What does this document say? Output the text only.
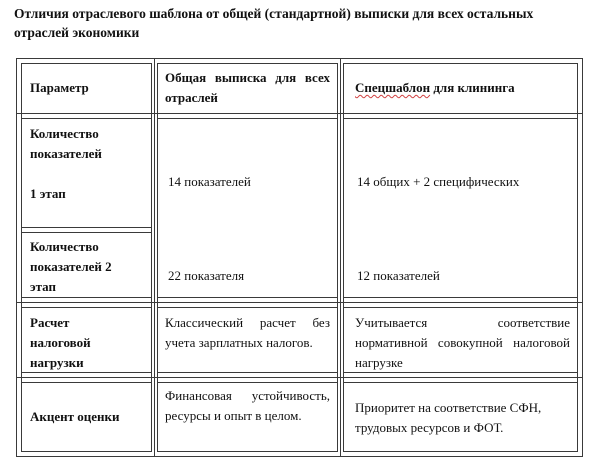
Отличия отраслевого шаблона от общей (стандартной) выписки для всех остальных отраслей экономики
Параметр
Общая выписка для всех отраслей
Спецшаблон для клининга
Количество показателей
1 этап
14 показателей	14 общих + 2 специфических
Количество показателей 2 этап
22 показателя	12 показателей
Расчет налоговой нагрузки
Классический расчет без учета зарплатных налогов.
Учитывается соответствие нормативной совокупной налоговой нагрузке
Акцент оценки
Финансовая устойчивость, ресурсы и опыт в целом.
Приоритет на соответствие СФН, трудовых ресурсов и ФОТ.
